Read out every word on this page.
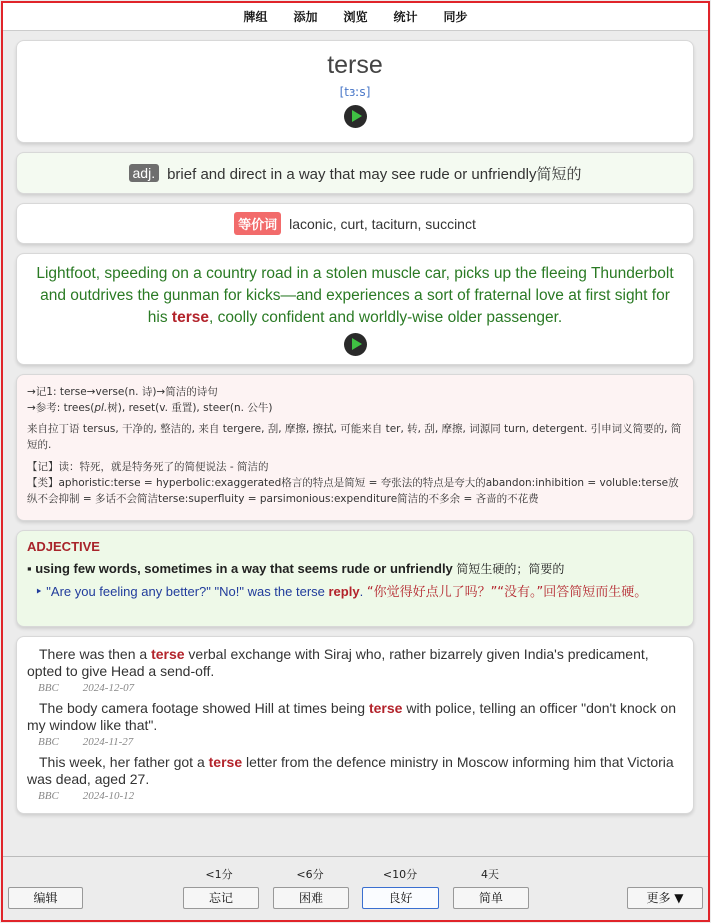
牌组	添加	浏览	统计	同步
terse
[tɜːs]
adj. brief and direct in a way that may see rude or unfriendly简短的
等价词 laconic, curt, taciturn, succinct
Lightfoot, speeding on a country road in a stolen muscle car, picks up the fleeing Thunderbolt and outdrives the gunman for kicks—and experiences a sort of fraternal love at first sight for his terse, coolly confident and worldly-wise older passenger.
→记1: terse→verse(n. 诗)→简洁的诗句
→参考: trees(pl.树), reset(v. 重置), steer(n. 公牛)
来自拉丁语 tersus, 干净的, 整洁的, 来自 tergere, 刮, 摩擦, 擦拭, 可能来自 ter, 转, 刮, 摩擦, 词源同 turn, detergent. 引申词义简要的, 简短的.
【记】读：特死，就是特务死了的简便说法 - 简洁的
【类】aphoristic:terse = hyperbolic:exaggerated格言的特点是简短 = 夸张法的特点是夸大的abandon:inhibition = voluble:terse放纵不会抑制 = 多话不会简洁terse:superfluity = parsimonious:expenditure简洁的不多余 = 吝啬的不花费
ADJECTIVE
▪ using few words, sometimes in a way that seems rude or unfriendly 简短生硬的；简要的
‣ "Are you feeling any better?" "No!" was the terse reply. “你觉得好点儿了吗？”“没有。”回答简短而生硬。
There was then a terse verbal exchange with Siraj who, rather bizarrely given India's predicament, opted to give Head a send-off.
BBC 2024-12-07
The body camera footage showed Hill at times being terse with police, telling an officer "don't knock on my window like that".
BBC 2024-11-27
This week, her father got a terse letter from the defence ministry in Moscow informing him that Victoria was dead, aged 27.
BBC 2024-10-12
<1分	<6分	<10分	4天
编辑	忘记	困难	良好	简单	更多 ▼
